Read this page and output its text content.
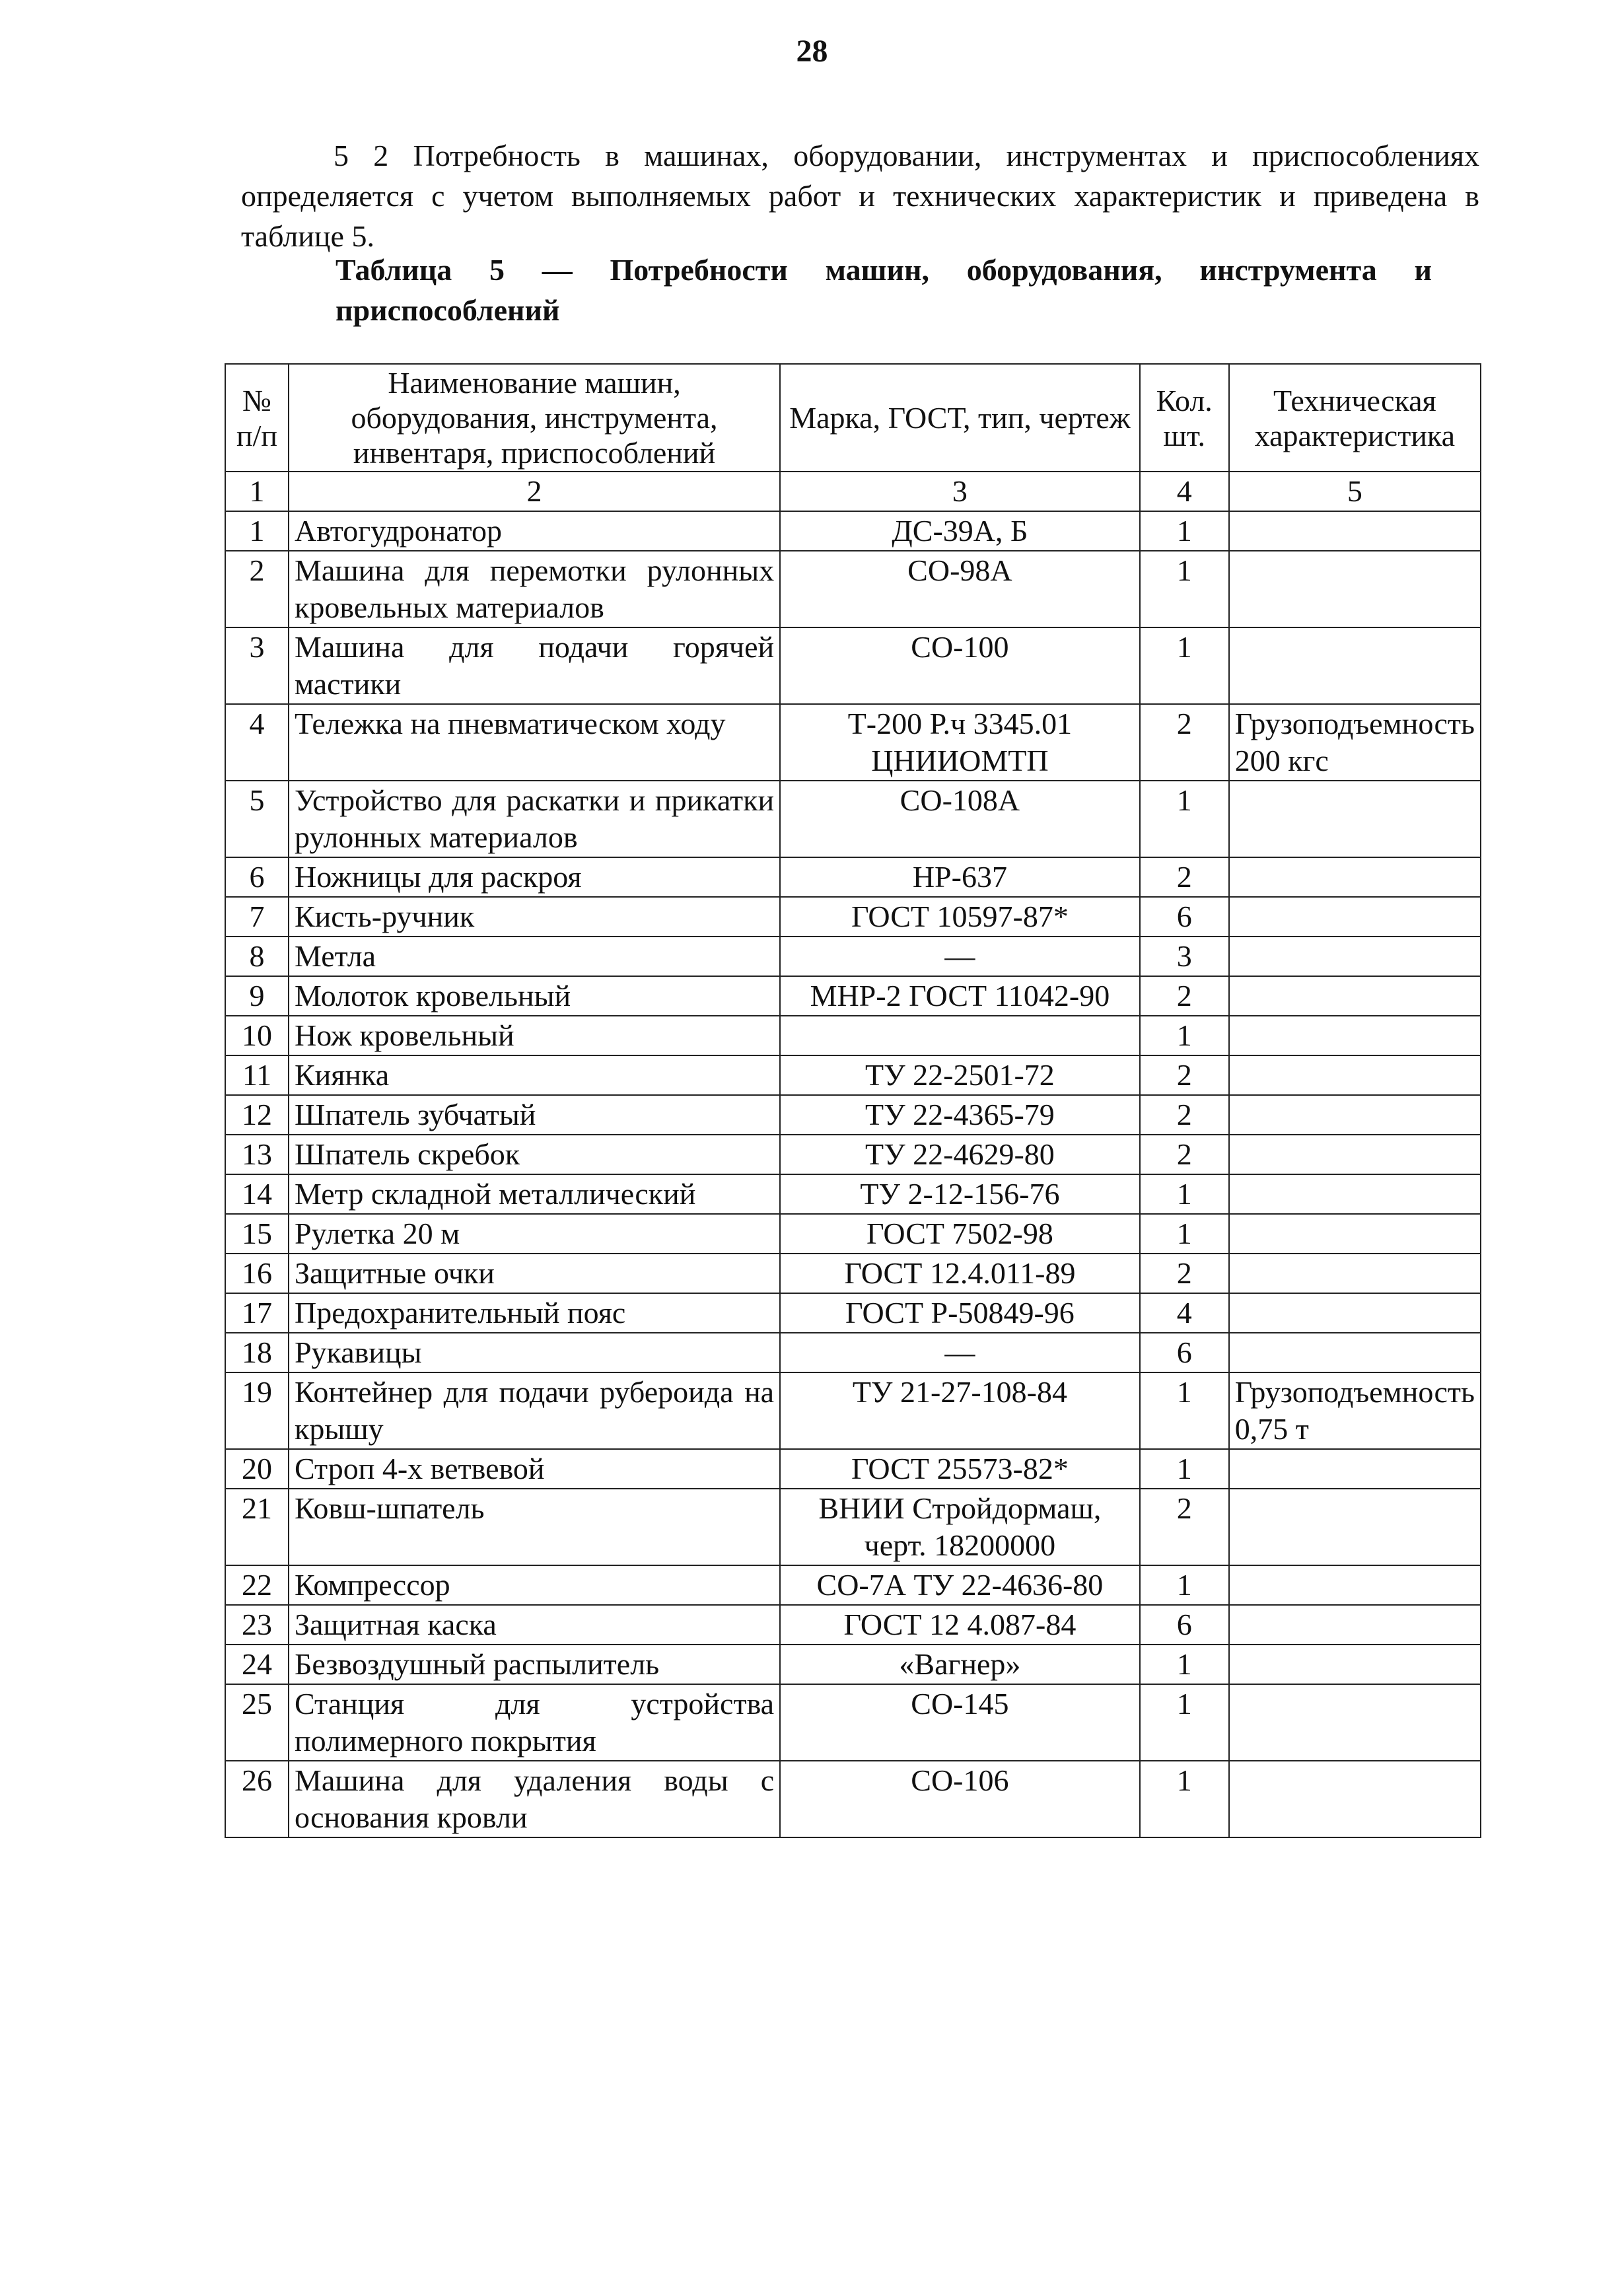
28

5 2 Потребность в машинах, оборудовании, инструментах и приспособлениях определяется с учетом выполняемых работ и технических характеристик и приведена в таблице 5.

Таблица 5 — Потребности машин, оборудования, инструмента и приспособлений

№ п/п	Наименование машин, оборудования, инструмента, инвентаря, приспособлений	Марка, ГОСТ, тип, чертеж	Кол. шт.	Техническая характеристика
1	2	3	4	5
1	Автогудронатор	ДС-39А, Б	1	
2	Машина для перемотки рулонных кровельных материалов	СО-98А	1	
3	Машина для подачи горячей мастики	СО-100	1	
4	Тележка на пневматическом ходу	Т-200 Р.ч 3345.01 ЦНИИОМТП	2	Грузоподъемность 200 кгс
5	Устройство для раскатки и прикатки рулонных материалов	СО-108А	1	
6	Ножницы для раскроя	НР-637	2	
7	Кисть-ручник	ГОСТ 10597-87*	6	
8	Метла	—	3	
9	Молоток кровельный	МНР-2 ГОСТ 11042-90	2	
10	Нож кровельный		1	
11	Киянка	ТУ 22-2501-72	2	
12	Шпатель зубчатый	ТУ 22-4365-79	2	
13	Шпатель скребок	ТУ 22-4629-80	2	
14	Метр складной металлический	ТУ 2-12-156-76	1	
15	Рулетка 20 м	ГОСТ 7502-98	1	
16	Защитные очки	ГОСТ 12.4.011-89	2	
17	Предохранительный пояс	ГОСТ Р-50849-96	4	
18	Рукавицы	—	6	
19	Контейнер для подачи рубероида на крышу	ТУ 21-27-108-84	1	Грузоподъемность 0,75 т
20	Строп 4-х ветвевой	ГОСТ 25573-82*	1	
21	Ковш-шпатель	ВНИИ Стройдормаш, черт. 18200000	2	
22	Компрессор	СО-7А ТУ 22-4636-80	1	
23	Защитная каска	ГОСТ 12 4.087-84	6	
24	Безвоздушный распылитель	«Вагнер»	1	
25	Станция для устройства полимерного покрытия	СО-145	1	
26	Машина для удаления воды с основания кровли	СО-106	1	
